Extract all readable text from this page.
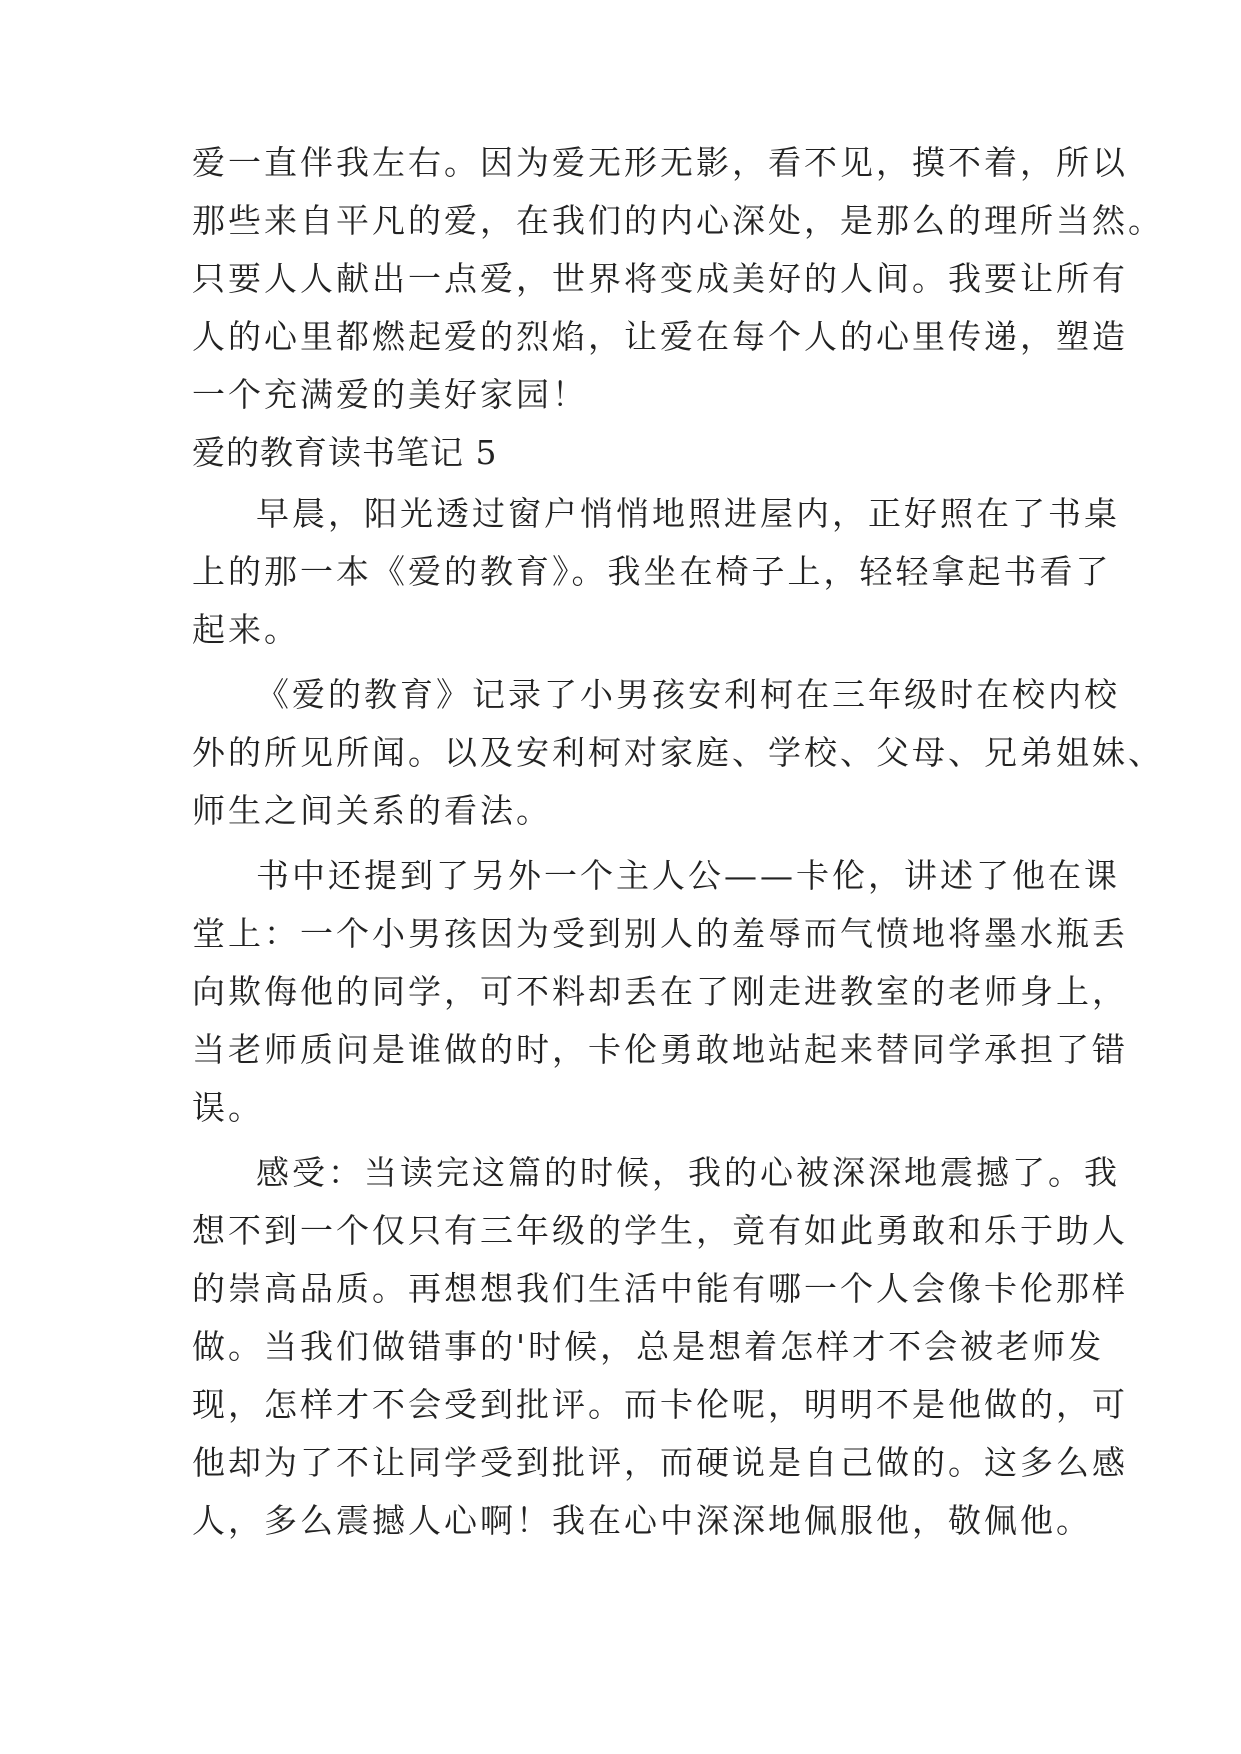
爱一直伴我左右。因为爱无形无影，看不见，摸不着，所以
那些来自平凡的爱，在我们的内心深处，是那么的理所当然。
只要人人献出一点爱，世界将变成美好的人间。我要让所有
人的心里都燃起爱的烈焰，让爱在每个人的心里传递，塑造
一个充满爱的美好家园！
爱的教育读书笔记 5
早晨，阳光透过窗户悄悄地照进屋内，正好照在了书桌
上的那一本《爱的教育》。我坐在椅子上，轻轻拿起书看了
起来。
《爱的教育》记录了小男孩安利柯在三年级时在校内校
外的所见所闻。以及安利柯对家庭、学校、父母、兄弟姐妹、
师生之间关系的看法。
书中还提到了另外一个主人公——卡伦，讲述了他在课
堂上：一个小男孩因为受到别人的羞辱而气愤地将墨水瓶丢
向欺侮他的同学，可不料却丢在了刚走进教室的老师身上，
当老师质问是谁做的时，卡伦勇敢地站起来替同学承担了错
误。
感受：当读完这篇的时候，我的心被深深地震撼了。我
想不到一个仅只有三年级的学生，竟有如此勇敢和乐于助人
的崇高品质。再想想我们生活中能有哪一个人会像卡伦那样
做。当我们做错事的'时候，总是想着怎样才不会被老师发
现，怎样才不会受到批评。而卡伦呢，明明不是他做的，可
他却为了不让同学受到批评，而硬说是自己做的。这多么感
人，多么震撼人心啊！我在心中深深地佩服他，敬佩他。
